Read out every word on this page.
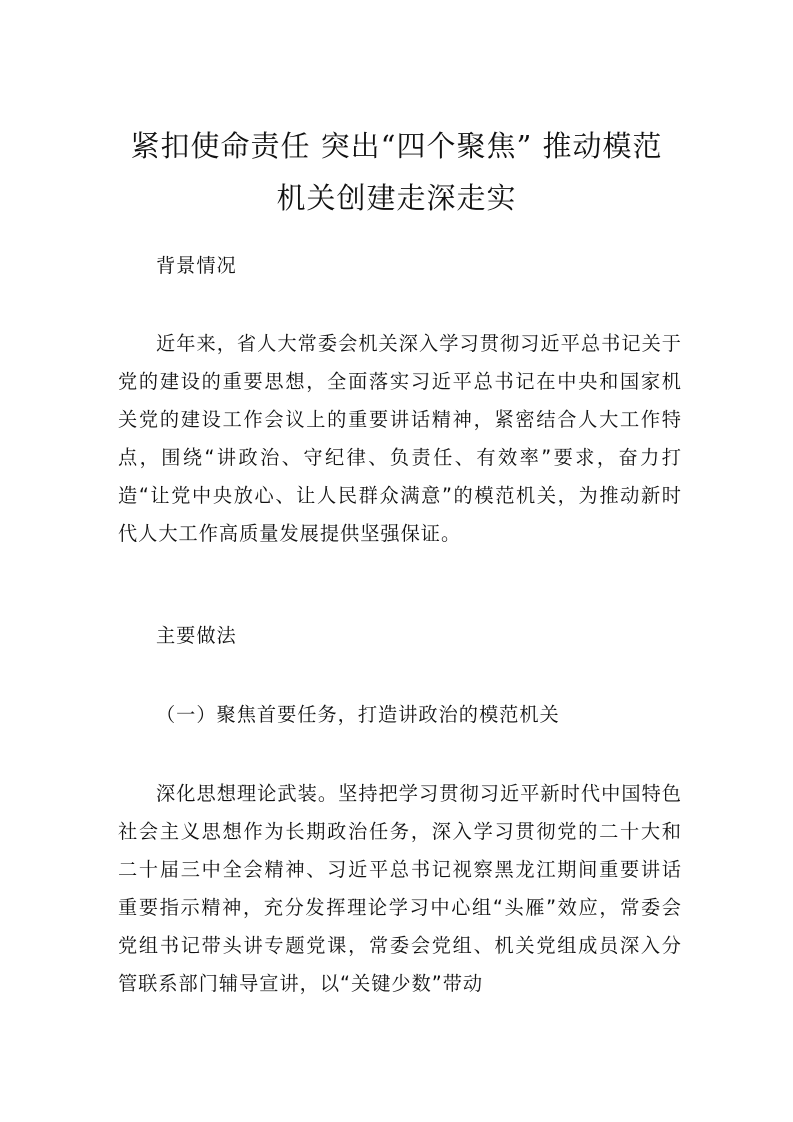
紧扣使命责任 突出“四个聚焦” 推动模范
机关创建走深走实

背景情况

近年来，省人大常委会机关深入学习贯彻习近平总书记关于党的建设的重要思想，全面落实习近平总书记在中央和国家机关党的建设工作会议上的重要讲话精神，紧密结合人大工作特点，围绕“讲政治、守纪律、负责任、有效率”要求，奋力打造“让党中央放心、让人民群众满意”的模范机关，为推动新时代人大工作高质量发展提供坚强保证。

主要做法

（一）聚焦首要任务，打造讲政治的模范机关

深化思想理论武装。坚持把学习贯彻习近平新时代中国特色社会主义思想作为长期政治任务，深入学习贯彻党的二十大和二十届三中全会精神、习近平总书记视察黑龙江期间重要讲话重要指示精神，充分发挥理论学习中心组“头雁”效应，常委会党组书记带头讲专题党课，常委会党组、机关党组成员深入分管联系部门辅导宣讲，以“关键少数”带动
